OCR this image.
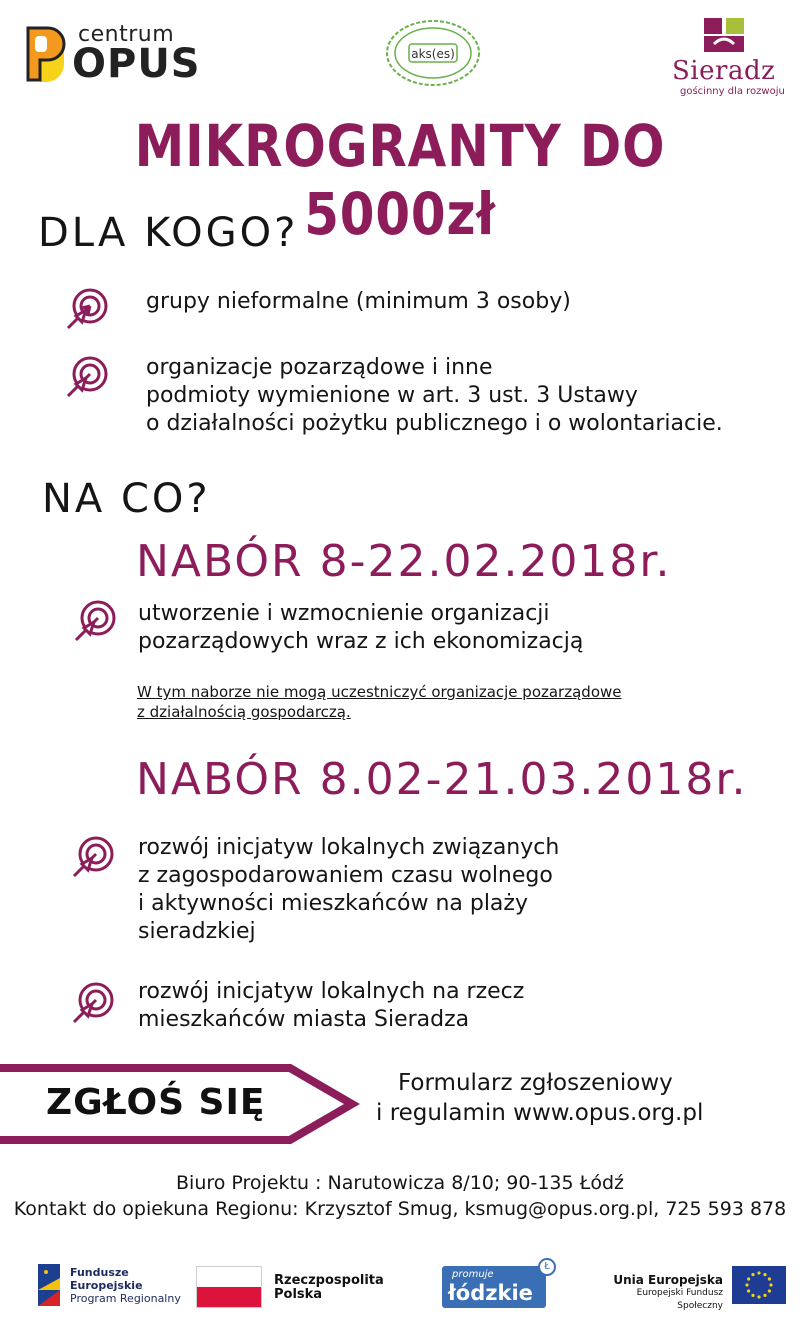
centrum
OPUS	aks(es)
Sieradz
gościnny dla rozwoju
MIKROGRANTY DO 5000zł
DLA KOGO?
grupy nieformalne (minimum 3 osoby)
organizacje pozarządowe i inne
podmioty wymienione w art. 3 ust. 3 Ustawy
o działalności pożytku publicznego i o wolontariacie.
NA CO?
NABÓR 8-22.02.2018r.
utworzenie i wzmocnienie organizacji
pozarządowych wraz z ich ekonomizacją
W tym naborze nie mogą uczestniczyć organizacje pozarządowe
z działalnością gospodarczą.
NABÓR 8.02-21.03.2018r.
rozwój inicjatyw lokalnych związanych
z zagospodarowaniem czasu wolnego
i aktywności mieszkańców na plaży
sieradzkiej
rozwój inicjatyw lokalnych na rzecz
mieszkańców miasta Sieradza
ZGŁOŚ SIĘ	Formularz zgłoszeniowy
i regulamin www.opus.org.pl
Biuro Projektu : Narutowicza 8/10; 90-135 Łódź
Kontakt do opiekuna Regionu: Krzysztof Smug, ksmug@opus.org.pl, 725 593 878
Fundusze
Europejskie
Program Regionalny
Rzeczpospolita
Polska
promuje
łódzkie
Ł
Unia Europejska
Europejski Fundusz Społeczny
